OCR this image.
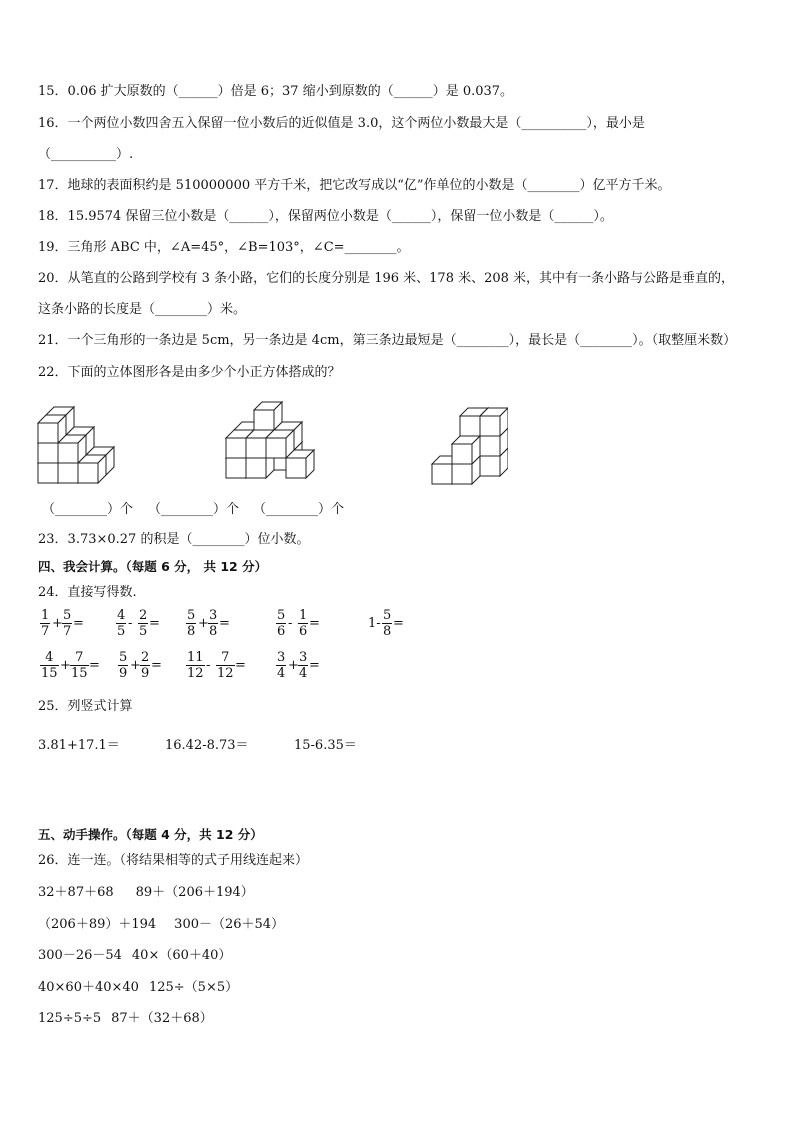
15．0.06 扩大原数的（______）倍是 6；37 缩小到原数的（______）是 0.037。
16．一个两位小数四舍五入保留一位小数后的近似值是 3.0，这个两位小数最大是（__________），最小是
（__________）.
17．地球的表面积约是 510000000 平方千米，把它改写成以“亿”作单位的小数是（________）亿平方千米。
18．15.9574 保留三位小数是（______），保留两位小数是（______），保留一位小数是（______）。
19．三角形 ABC 中，∠A=45°，∠B=103°，∠C=________。
20．从笔直的公路到学校有 3 条小路，它们的长度分别是 196 米、178 米、208 米，其中有一条小路与公路是垂直的，
这条小路的长度是（________）米。
21．一个三角形的一条边是 5cm，另一条边是 4cm，第三条边最短是（________），最长是（________）。（取整厘米数）
22．下面的立体图形各是由多少个小正方体搭成的？
（________）个 （________）个 （________）个
23．3.73×0.27 的积是（________）位小数。
四、我会计算。（每题 6 分， 共 12 分）
24．直接写得数.
$\frac{1}{7} + \frac{5}{7} = \frac{4}{5} - \frac{2}{5} = \frac{5}{8} + \frac{3}{8}$ =	$\frac{5}{6} - \frac{1}{6}$ =	$1- \frac{5}{8}$ =
$\frac{4}{15} + \frac{7}{15} = \frac{5}{9} + \frac{2}{9} = \frac{11}{12} - \frac{7}{12} = \frac{3}{4} + \frac{3}{4}$ =
25．列竖式计算
3.81+17.1＝	16.42-8.73＝	15-6.35＝
五、动手操作。（每题 4 分，共 12 分）
26．连一连。（将结果相等的式子用线连起来）
32＋87＋68 89＋（206＋194）
（206＋89）＋194 300－（26＋54）
300－26－54 40×（60＋40）
40×60＋40×40 125÷（5×5）
125÷5÷5 87＋（32＋68）
